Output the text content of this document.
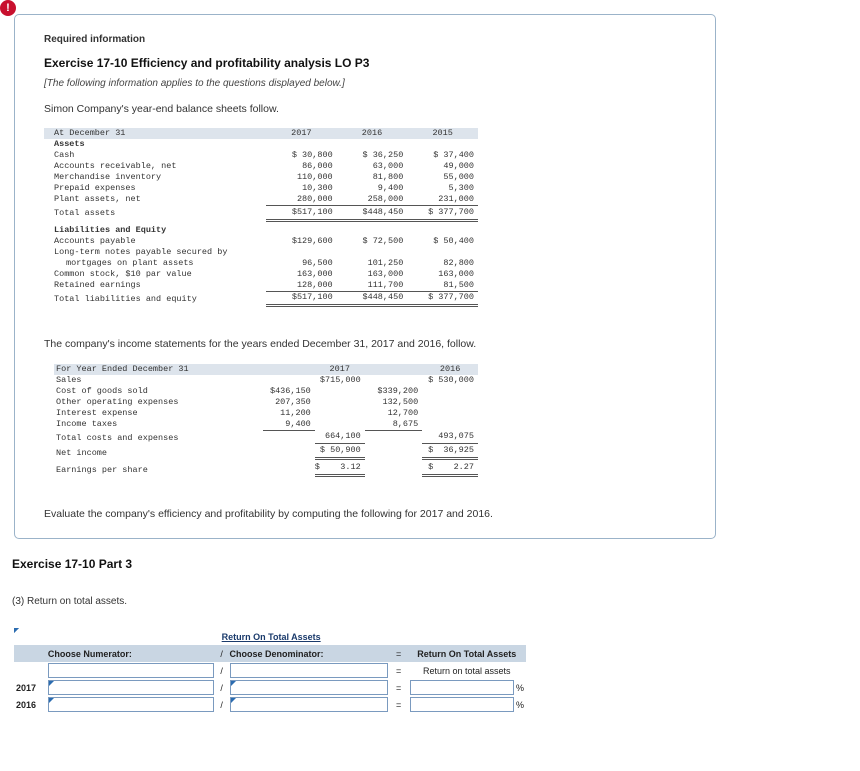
!
Required information
Exercise 17-10 Efficiency and profitability analysis LO P3
[The following information applies to the questions displayed below.]
Simon Company's year-end balance sheets follow.
At December 31	2017	2016	2015
Assets			
Cash	$ 30,800	$ 36,250	$ 37,400
Accounts receivable, net	86,000	63,000	49,000
Merchandise inventory	110,000	81,800	55,000
Prepaid expenses	10,300	9,400	5,300
Plant assets, net	280,000	258,000	231,000
Total assets	$517,100	$448,450	$ 377,700
Liabilities and Equity			
Accounts payable	$129,600	$ 72,500	$ 50,400
Long-term notes payable secured by			
mortgages on plant assets	96,500	101,250	82,800
Common stock, $10 par value	163,000	163,000	163,000
Retained earnings	128,000	111,700	81,500
Total liabilities and equity	$517,100	$448,450	$ 377,700
The company's income statements for the years ended December 31, 2017 and 2016, follow.
For Year Ended December 31		2017		2016
Sales		$715,000		$ 530,000
Cost of goods sold	$436,150		$339,200	
Other operating expenses	207,350		132,500	
Interest expense	11,200		12,700	
Income taxes	9,400		8,675	
Total costs and expenses		664,100		493,075
Net income		$ 50,900		$  36,925
Earnings per share		$    3.12		$    2.27
Evaluate the company's efficiency and profitability by computing the following for 2017 and 2016.
Exercise 17-10 Part 3
(3) Return on total assets.
		Return On Total Assets			
	Choose Numerator:	/	Choose Denominator:	=	Return On Total Assets

	/		=	Return on total assets
2017		/		=	%

2016		/		=	%
